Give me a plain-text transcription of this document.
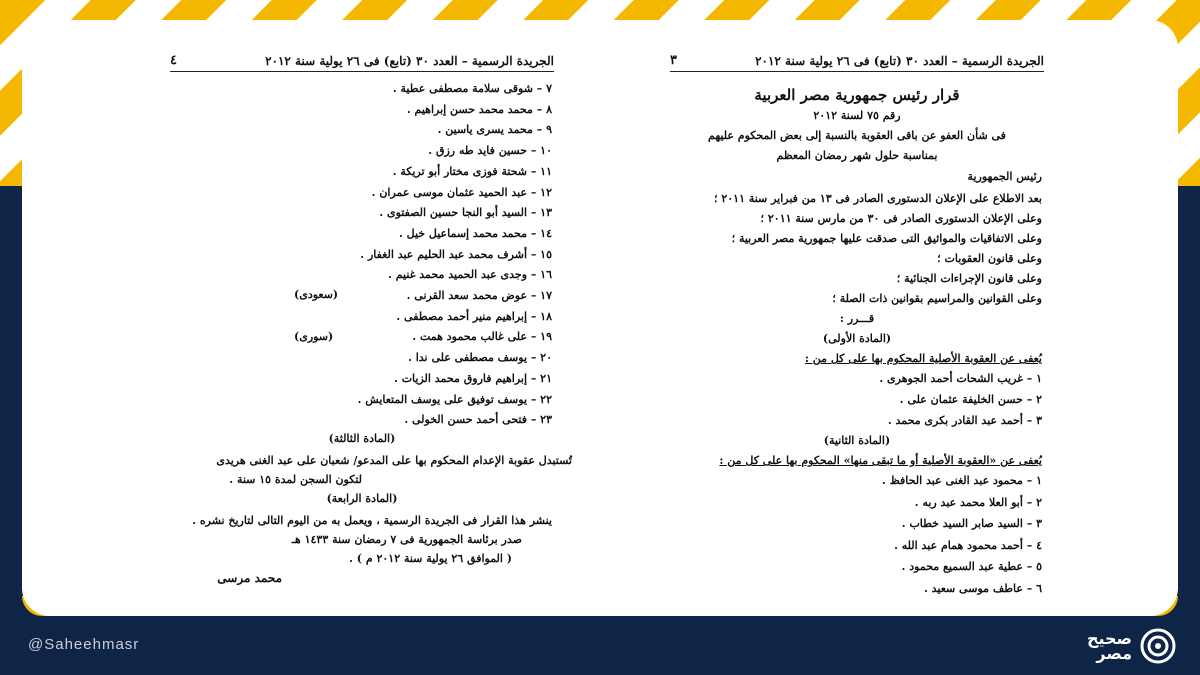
الجريدة الرسمية – العدد ٣٠ (تابع) فى ٢٦ يولية سنة ٢٠١٢
٤
٧ – شوقى سلامة مصطفى عطية .
٨ – محمد محمد حسن إبراهيم .
٩ – محمد يسرى ياسين .
١٠ – حسين فايد طه رزق .
١١ – شحتة فوزى مختار أبو تريكة .
١٢ – عبد الحميد عثمان موسى عمران .
١٣ – السيد أبو النجا حسين الصفتوى .
١٤ – محمد محمد إسماعيل خيل .
١٥ – أشرف محمد عبد الحليم عبد الغفار .
١٦ – وجدى عبد الحميد محمد غنيم .
١٧ – عوض محمد سعد القرنى .
١٨ – إبراهيم منير أحمد مصطفى .
١٩ – على غالب محمود همت .
٢٠ – يوسف مصطفى على ندا .
٢١ – إبراهيم فاروق محمد الزيات .
٢٢ – يوسف توفيق على يوسف المتعايش .
٢٣ – فتحى أحمد حسن الخولى .
(سعودى)
(سورى)
(المادة الثالثة)
تُستبدل عقوبة الإعدام المحكوم بها على المدعو/ شعبان على عبد الغنى هريدى
لتكون السجن لمدة ١٥ سنة .
(المادة الرابعة)
ينشر هذا القرار فى الجريدة الرسمية ، ويعمل به من اليوم التالى لتاريخ نشره .
صدر برئاسة الجمهورية فى ٧ رمضان سنة ١٤٣٣ هـ
( الموافق ٢٦ يولية سنة ٢٠١٢ م ) .
محمد مرسى
الجريدة الرسمية – العدد ٣٠ (تابع) فى ٢٦ يولية سنة ٢٠١٢
٣
قرار رئيس جمهورية مصر العربية
رقم ٧٥ لسنة ٢٠١٢
فى شأن العفو عن باقى العقوبة بالنسبة إلى بعض المحكوم عليهم
بمناسبة حلول شهر رمضان المعظم
رئيس الجمهورية
بعد الاطلاع على الإعلان الدستورى الصادر فى ١٣ من فبراير سنة ٢٠١١ ؛
وعلى الإعلان الدستورى الصادر فى ٣٠ من مارس سنة ٢٠١١ ؛
وعلى الاتفاقيات والمواثيق التى صدقت عليها جمهورية مصر العربية ؛
وعلى قانون العقوبات ؛
وعلى قانون الإجراءات الجنائية ؛
وعلى القوانين والمراسيم بقوانين ذات الصلة ؛
قـــرر :
(المادة الأولى)
يُعفى عن العقوبة الأصلية المحكوم بها على كل من :
١ – غريب الشحات أحمد الجوهرى .
٢ – حسن الخليفة عثمان على .
٣ – أحمد عبد القادر بكرى محمد .
(المادة الثانية)
يُعفى عن «العقوبة الأصلية أو ما تبقى منها» المحكوم بها على كل من :
١ – محمود عبد الغنى عبد الحافظ .
٢ – أبو العلا محمد عبد ربه .
٣ – السيد صابر السيد خطاب .
٤ – أحمد محمود همام عبد الله .
٥ – عطية عبد السميع محمود .
٦ – عاطف موسى سعيد .
@Saheehmasr	صحيح
مصر
